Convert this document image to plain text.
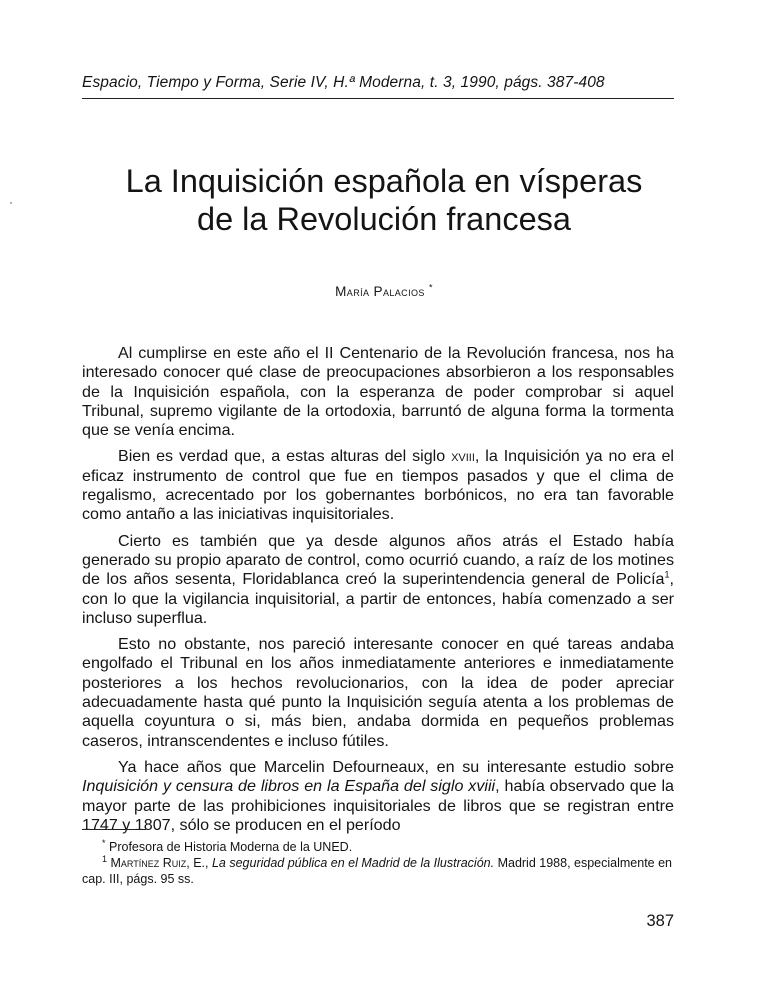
Espacio, Tiempo y Forma, Serie IV, H.ª Moderna, t. 3, 1990, págs. 387-408
La Inquisición española en vísperas
de la Revolución francesa
María Palacios *

Al cumplirse en este año el II Centenario de la Revolución francesa, nos ha interesado conocer qué clase de preocupaciones absorbieron a los responsables de la Inquisición española, con la esperanza de poder comprobar si aquel Tribunal, supremo vigilante de la ortodoxia, barruntó de alguna forma la tormenta que se venía encima.

Bien es verdad que, a estas alturas del siglo xviii, la Inquisición ya no era el eficaz instrumento de control que fue en tiempos pasados y que el clima de regalismo, acrecentado por los gobernantes borbónicos, no era tan favorable como antaño a las iniciativas inquisitoriales.

Cierto es también que ya desde algunos años atrás el Estado había generado su propio aparato de control, como ocurrió cuando, a raíz de los motines de los años sesenta, Floridablanca creó la superintendencia general de Policía$^1$, con lo que la vigilancia inquisitorial, a partir de entonces, había comenzado a ser incluso superflua.

Esto no obstante, nos pareció interesante conocer en qué tareas andaba engolfado el Tribunal en los años inmediatamente anteriores e inmediatamente posteriores a los hechos revolucionarios, con la idea de poder apreciar adecuadamente hasta qué punto la Inquisición seguía atenta a los problemas de aquella coyuntura o si, más bien, andaba dormida en pequeños problemas caseros, intranscendentes e incluso fútiles.

Ya hace años que Marcelin Defourneaux, en su interesante estudio sobre Inquisición y censura de libros en la España del siglo xviii, había observado que la mayor parte de las prohibiciones inquisitoriales de libros que se registran entre 1747 y 1807, sólo se producen en el período

* Profesora de Historia Moderna de la UNED.

$^1$ Martínez Ruiz, E., La seguridad pública en el Madrid de la Ilustración. Madrid 1988, especialmente en cap. III, págs. 95 ss.

387
